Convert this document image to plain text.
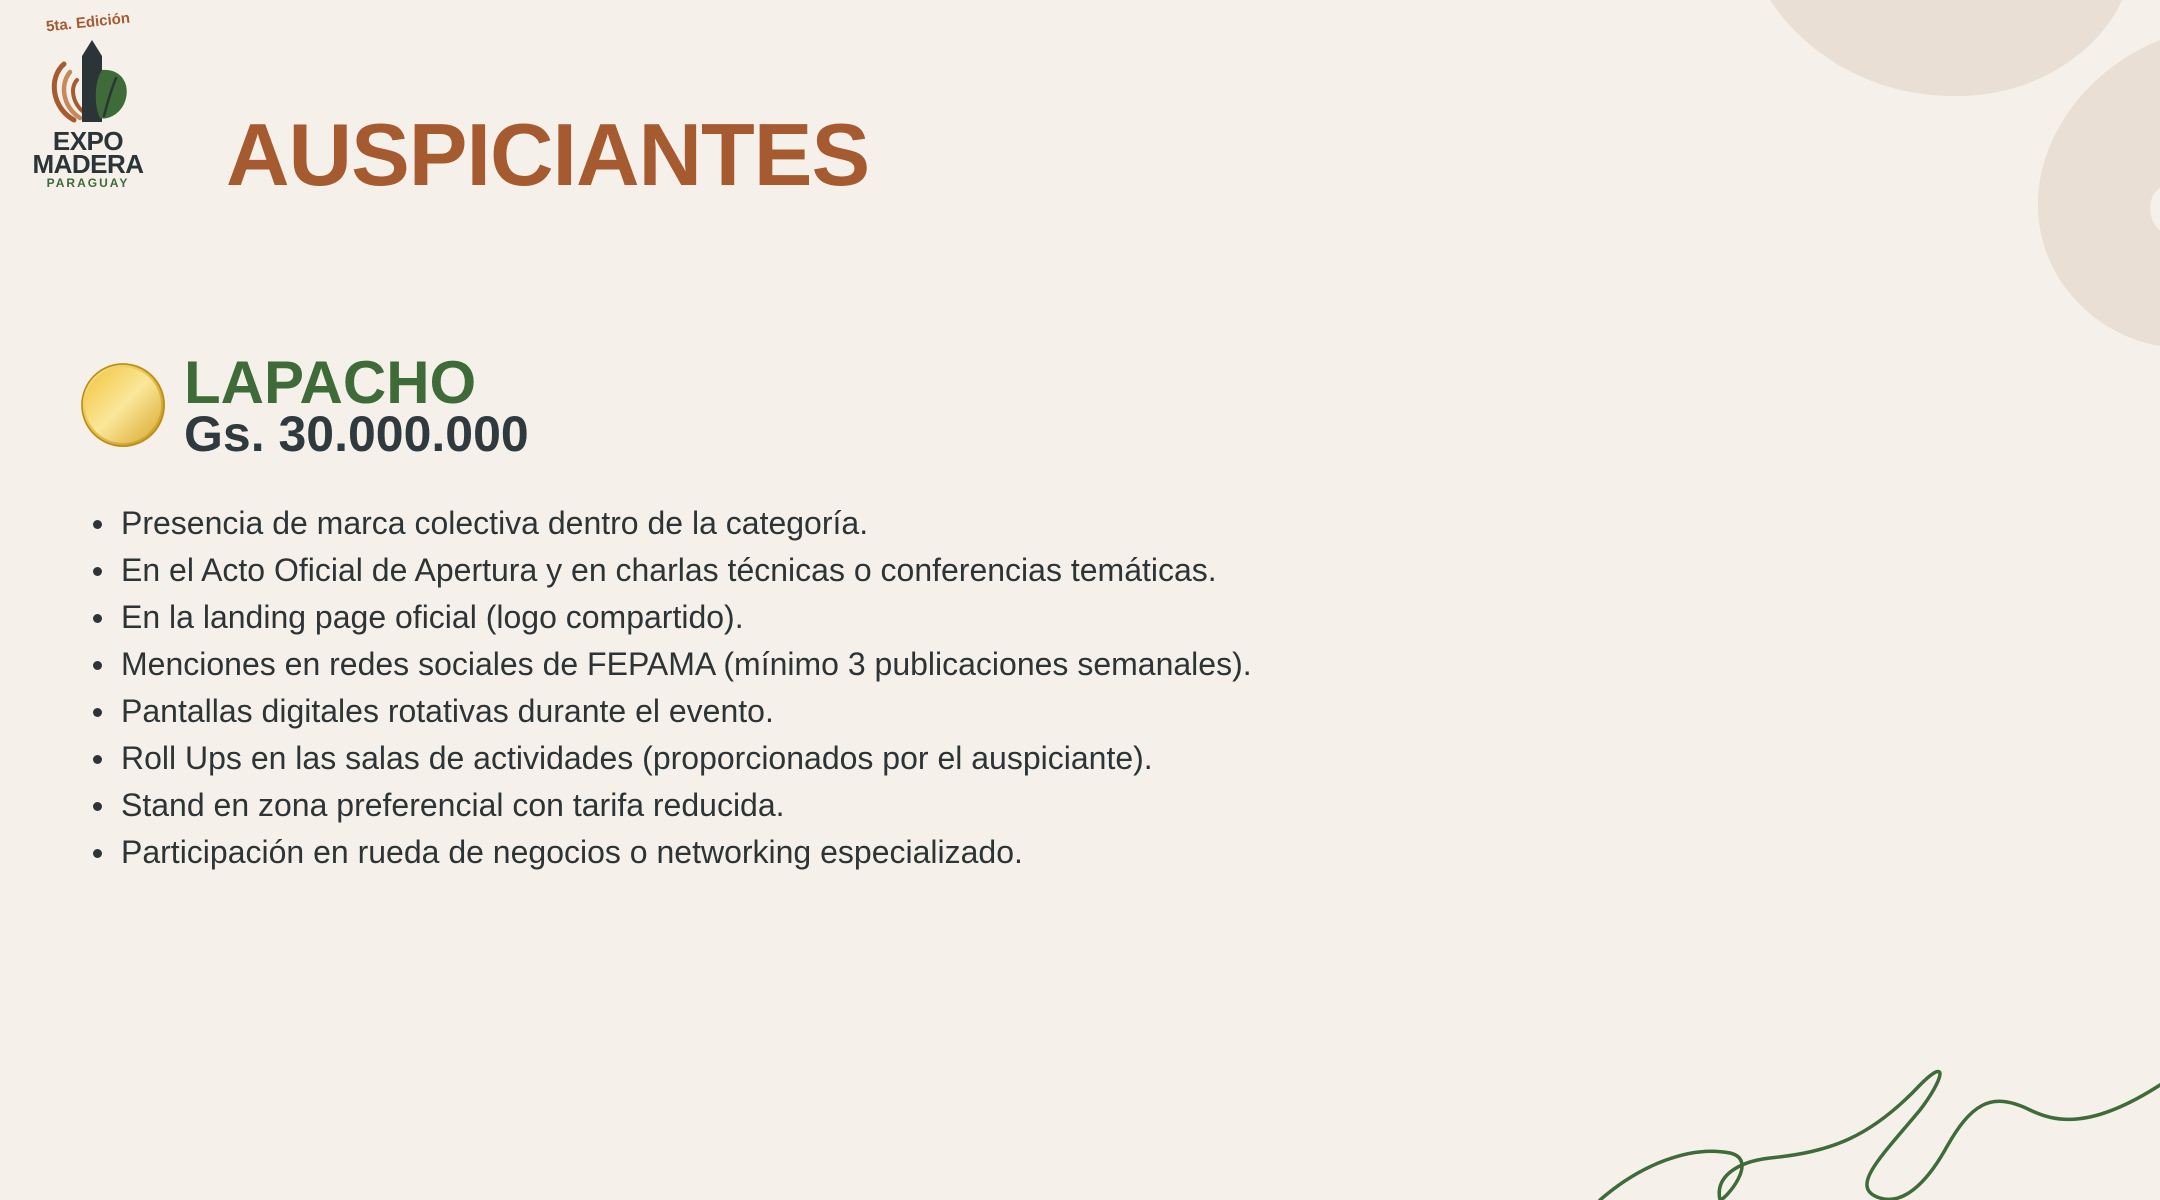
5ta. Edición
EXPO
MADERA
PARAGUAY AUSPICIANTES
LAPACHO
Gs. 30.000.000
Presencia de marca colectiva dentro de la categoría.
En el Acto Oficial de Apertura y en charlas técnicas o conferencias temáticas.
En la landing page oficial (logo compartido).
Menciones en redes sociales de FEPAMA (mínimo 3 publicaciones semanales).
Pantallas digitales rotativas durante el evento.
Roll Ups en las salas de actividades (proporcionados por el auspiciante).
Stand en zona preferencial con tarifa reducida.
Participación en rueda de negocios o networking especializado.
